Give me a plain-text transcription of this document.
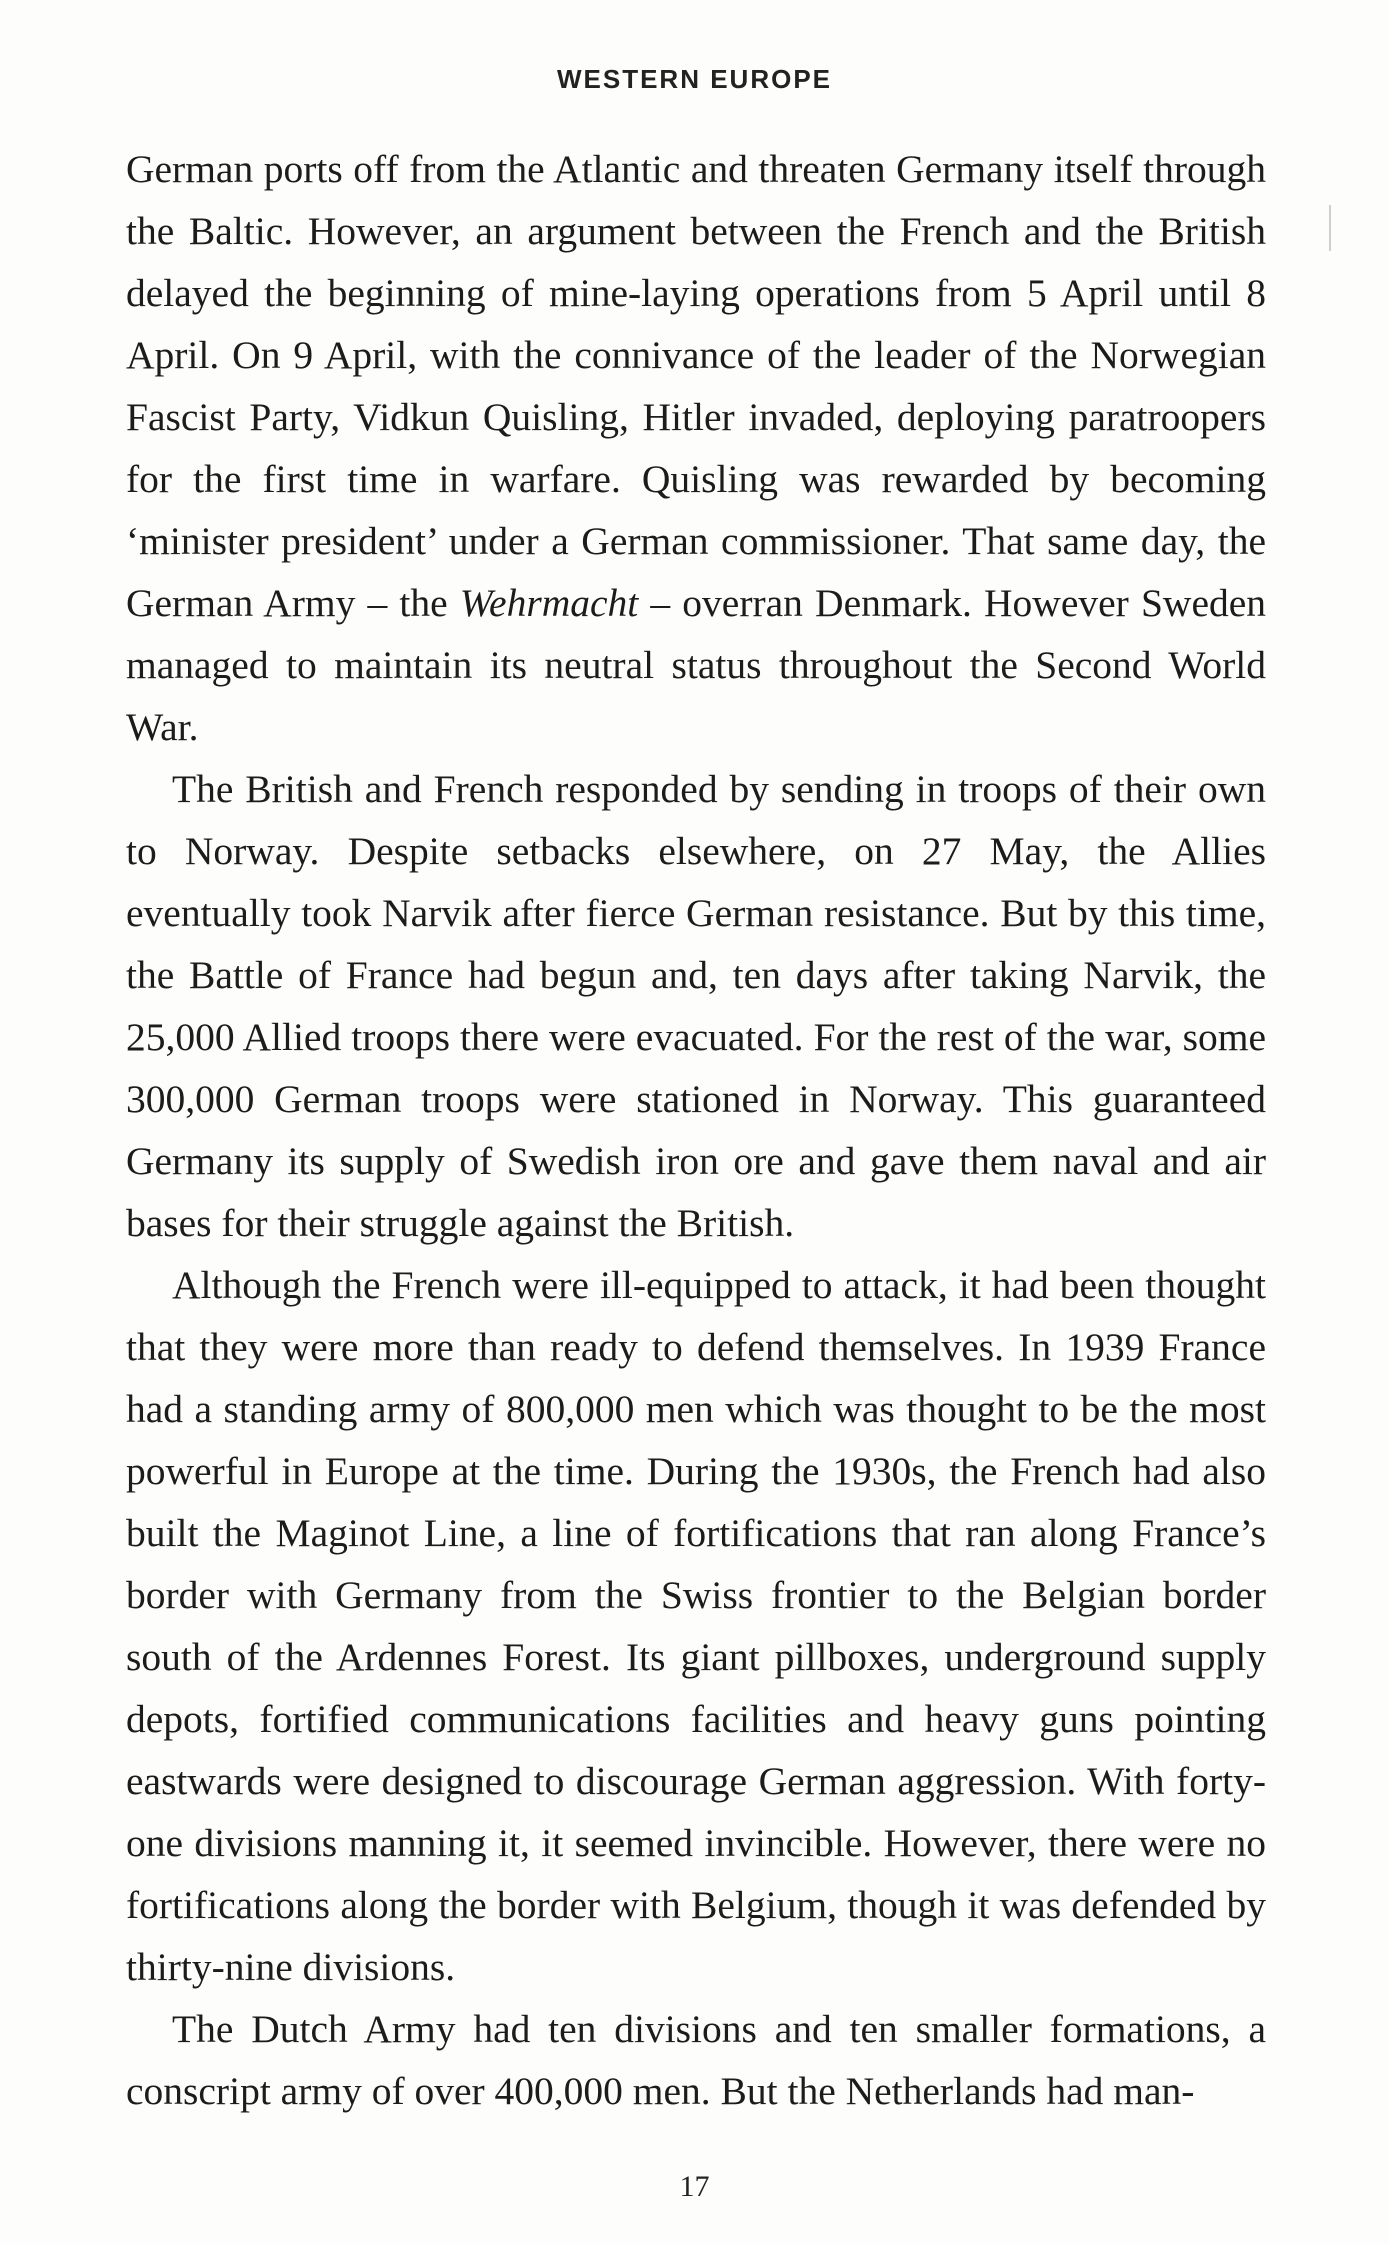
WESTERN EUROPE

German ports off from the Atlantic and threaten Germany itself through the Baltic. However, an argument between the French and the British delayed the beginning of mine-laying operations from 5 April until 8 April. On 9 April, with the connivance of the leader of the Norwegian Fascist Party, Vidkun Quisling, Hitler invaded, deploying paratroopers for the first time in warfare. Quisling was rewarded by becoming ‘minister president’ under a German commissioner. That same day, the German Army – the Wehrmacht – overran Denmark. However Sweden managed to maintain its neutral status throughout the Second World War.

The British and French responded by sending in troops of their own to Norway. Despite setbacks elsewhere, on 27 May, the Allies eventually took Narvik after fierce German resistance. But by this time, the Battle of France had begun and, ten days after taking Narvik, the 25,000 Allied troops there were evacuated. For the rest of the war, some 300,000 German troops were stationed in Norway. This guaranteed Germany its supply of Swedish iron ore and gave them naval and air bases for their struggle against the British.

Although the French were ill-equipped to attack, it had been thought that they were more than ready to defend themselves. In 1939 France had a standing army of 800,000 men which was thought to be the most powerful in Europe at the time. During the 1930s, the French had also built the Maginot Line, a line of fortifications that ran along France’s border with Germany from the Swiss frontier to the Belgian border south of the Ardennes Forest. Its giant pillboxes, underground supply depots, fortified communications facilities and heavy guns pointing eastwards were designed to discourage German aggression. With forty-one divisions manning it, it seemed invincible. However, there were no fortifications along the border with Belgium, though it was defended by thirty-nine divisions.

The Dutch Army had ten divisions and ten smaller formations, a conscript army of over 400,000 men. But the Netherlands had man-

17
